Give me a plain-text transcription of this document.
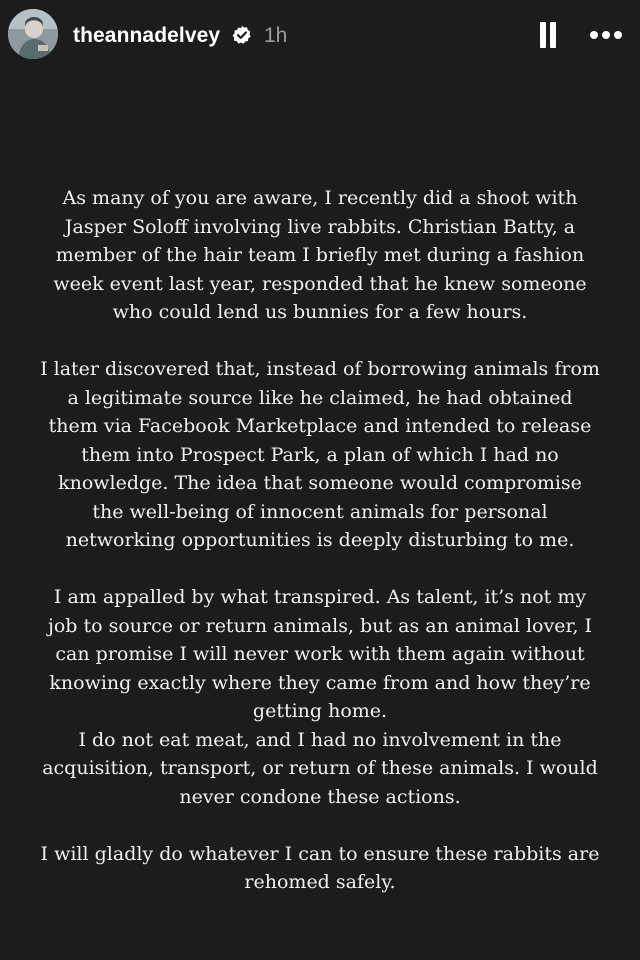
theannadelvey 1h

As many of you are aware, I recently did a shoot with Jasper Soloff involving live rabbits. Christian Batty, a member of the hair team I briefly met during a fashion week event last year, responded that he knew someone who could lend us bunnies for a few hours.

I later discovered that, instead of borrowing animals from a legitimate source like he claimed, he had obtained them via Facebook Marketplace and intended to release them into Prospect Park, a plan of which I had no knowledge. The idea that someone would compromise the well-being of innocent animals for personal networking opportunities is deeply disturbing to me.

I am appalled by what transpired. As talent, it’s not my job to source or return animals, but as an animal lover, I can promise I will never work with them again without knowing exactly where they came from and how they’re getting home.

I do not eat meat, and I had no involvement in the acquisition, transport, or return of these animals. I would never condone these actions.

I will gladly do whatever I can to ensure these rabbits are rehomed safely.
